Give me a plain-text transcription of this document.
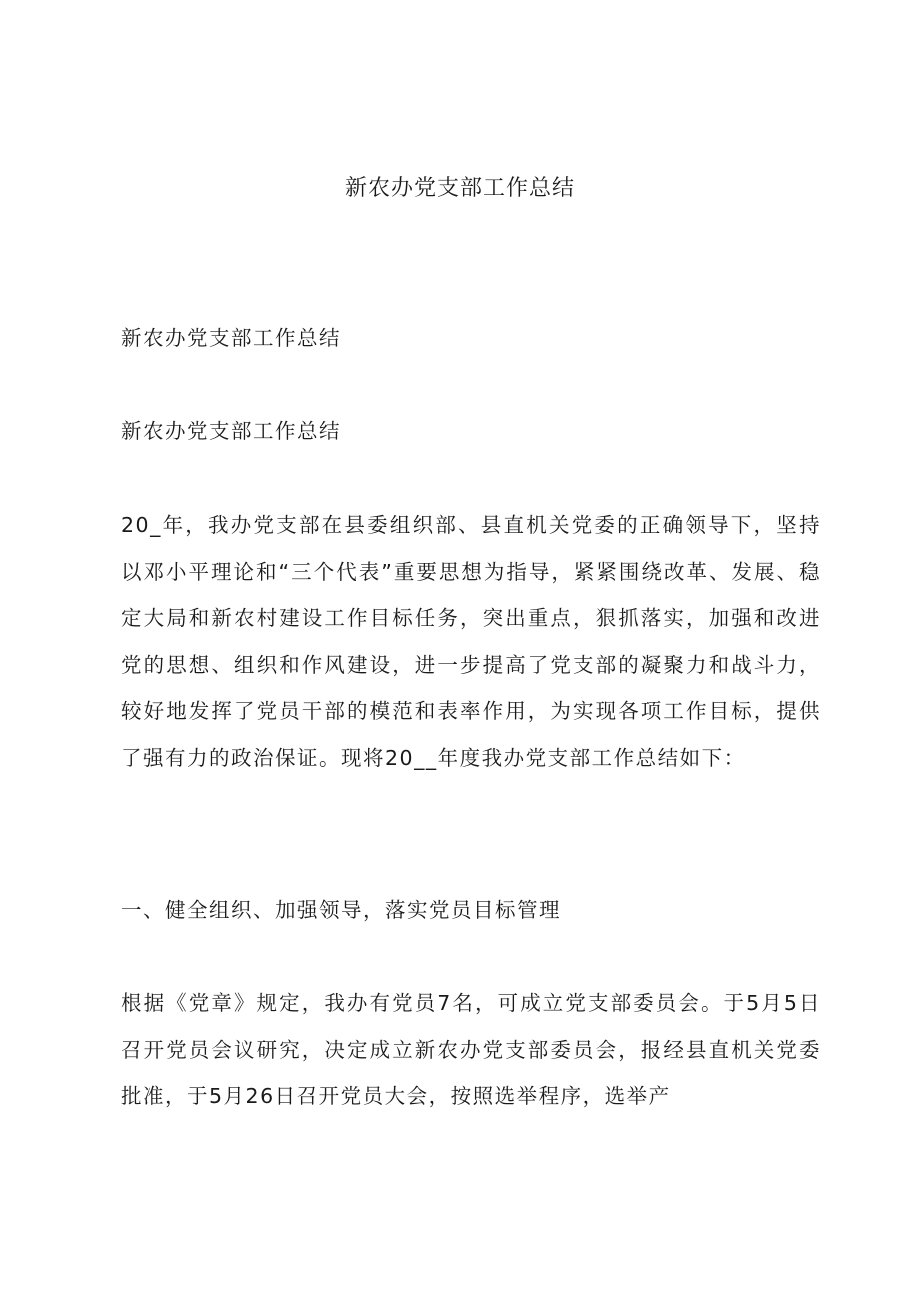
新农办党支部工作总结

新农办党支部工作总结

新农办党支部工作总结

20_年，我办党支部在县委组织部、县直机关党委的正确领导下，坚持以邓小平理论和“三个代表”重要思想为指导，紧紧围绕改革、发展、稳定大局和新农村建设工作目标任务，突出重点，狠抓落实，加强和改进党的思想、组织和作风建设，进一步提高了党支部的凝聚力和战斗力，较好地发挥了党员干部的模范和表率作用，为实现各项工作目标，提供了强有力的政治保证。现将20__年度我办党支部工作总结如下：

一、健全组织、加强领导，落实党员目标管理

根据《党章》规定，我办有党员7名，可成立党支部委员会。于5月5日召开党员会议研究，决定成立新农办党支部委员会，报经县直机关党委批准，于5月26日召开党员大会，按照选举程序，选举产
